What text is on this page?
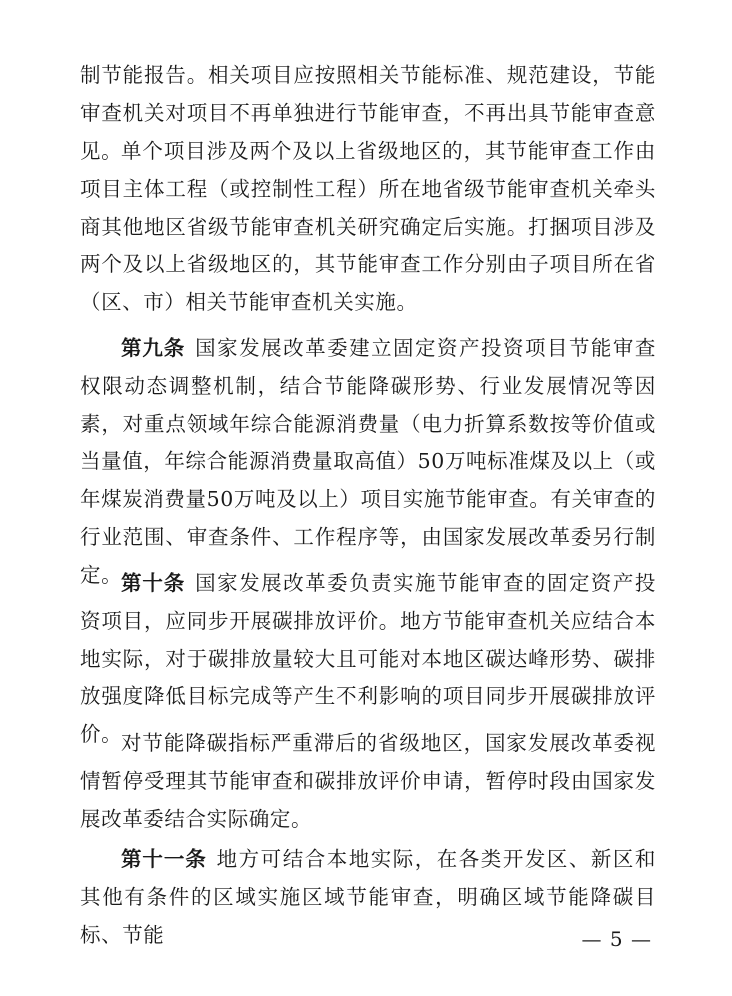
制节能报告。相关项目应按照相关节能标准、规范建设，节能审查机关对项目不再单独进行节能审查，不再出具节能审查意见。

单个项目涉及两个及以上省级地区的，其节能审查工作由项目主体工程（或控制性工程）所在地省级节能审查机关牵头商其他地区省级节能审查机关研究确定后实施。打捆项目涉及两个及以上省级地区的，其节能审查工作分别由子项目所在省（区、市）相关节能审查机关实施。

第九条 国家发展改革委建立固定资产投资项目节能审查权限动态调整机制，结合节能降碳形势、行业发展情况等因素，对重点领域年综合能源消费量（电力折算系数按等价值或当量值，年综合能源消费量取高值）50万吨标准煤及以上（或年煤炭消费量50万吨及以上）项目实施节能审查。有关审查的行业范围、审查条件、工作程序等，由国家发展改革委另行制定。

第十条 国家发展改革委负责实施节能审查的固定资产投资项目，应同步开展碳排放评价。地方节能审查机关应结合本地实际，对于碳排放量较大且可能对本地区碳达峰形势、碳排放强度降低目标完成等产生不利影响的项目同步开展碳排放评价。

对节能降碳指标严重滞后的省级地区，国家发展改革委视情暂停受理其节能审查和碳排放评价申请，暂停时段由国家发展改革委结合实际确定。

第十一条 地方可结合本地实际，在各类开发区、新区和其他有条件的区域实施区域节能审查，明确区域节能降碳目标、节能	— 5 —
